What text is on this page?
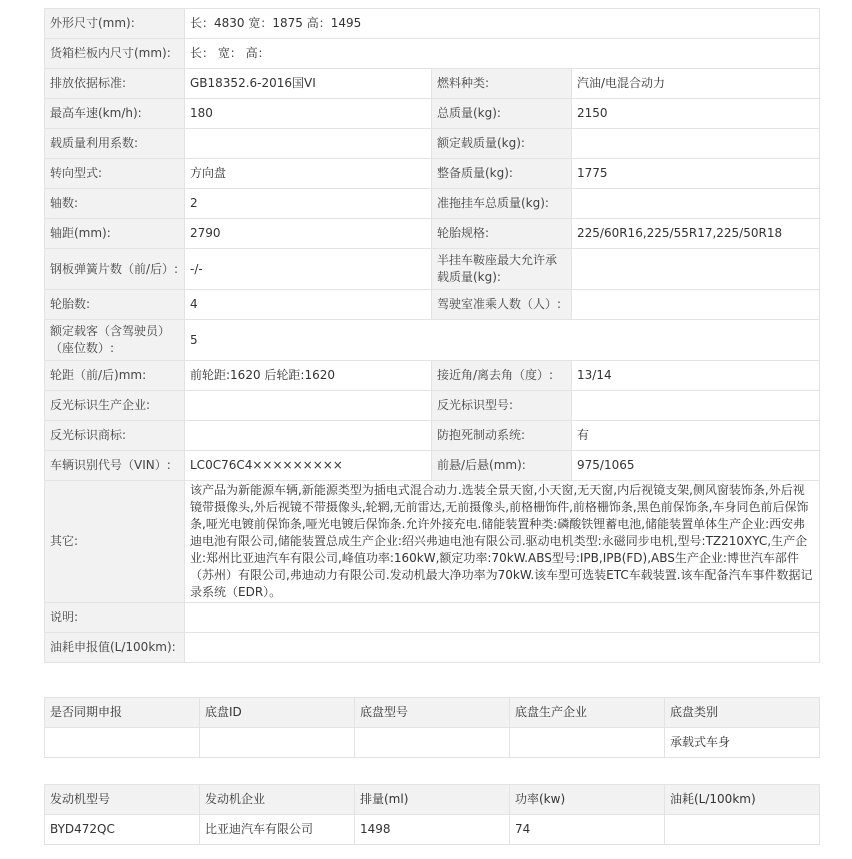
外形尺寸(mm):	长：4830 宽：1875 高：1495		
货箱栏板内尺寸(mm):	长： 宽： 高：		
排放依据标准:	GB18352.6-2016国VI	燃料种类:	汽油/电混合动力
最高车速(km/h):	180	总质量(kg):	2150
载质量利用系数:		额定载质量(kg):	
转向型式:	方向盘	整备质量(kg):	1775
轴数:	2	准拖挂车总质量(kg):	
轴距(mm):	2790	轮胎规格:	225/60R16,225/55R17,225/50R18
钢板弹簧片数（前/后）:	-/-	半挂车鞍座最大允许承载质量(kg):	
轮胎数:	4	驾驶室准乘人数（人）:	
额定载客（含驾驶员）（座位数）:	5		
轮距（前/后)mm:	前轮距:1620 后轮距:1620	接近角/离去角（度）:	13/14
反光标识生产企业:		反光标识型号:	
反光标识商标:		防抱死制动系统:	有
车辆识别代号（VIN）:	LC0C76C4×××××××××	前悬/后悬(mm):	975/1065
其它:	该产品为新能源车辆,新能源类型为插电式混合动力.选装全景天窗,小天窗,无天窗,内后视镜支架,侧风窗装饰条,外后视镜带摄像头,外后视镜不带摄像头,轮辋,无前雷达,无前摄像头,前格栅饰件,前格栅饰条,黑色前保饰条,车身同色前后保饰条,哑光电镀前保饰条,哑光电镀后保饰条.允许外接充电.储能装置种类:磷酸铁锂蓄电池,储能装置单体生产企业:西安弗迪电池有限公司,储能装置总成生产企业:绍兴弗迪电池有限公司.驱动电机类型:永磁同步电机,型号:TZ210XYC,生产企业:郑州比亚迪汽车有限公司,峰值功率:160kW,额定功率:70kW.ABS型号:IPB,IPB(FD),ABS生产企业:博世汽车部件（苏州）有限公司,弗迪动力有限公司.发动机最大净功率为70kW.该车型可选装ETC车载装置.该车配备汽车事件数据记录系统（EDR）。		
说明:			
油耗申报值(L/100km):			
是否同期申报	底盘ID	底盘型号	底盘生产企业	底盘类别
				承载式车身
发动机型号	发动机企业	排量(ml)	功率(kw)	油耗(L/100km)
BYD472QC	比亚迪汽车有限公司	1498	74	
